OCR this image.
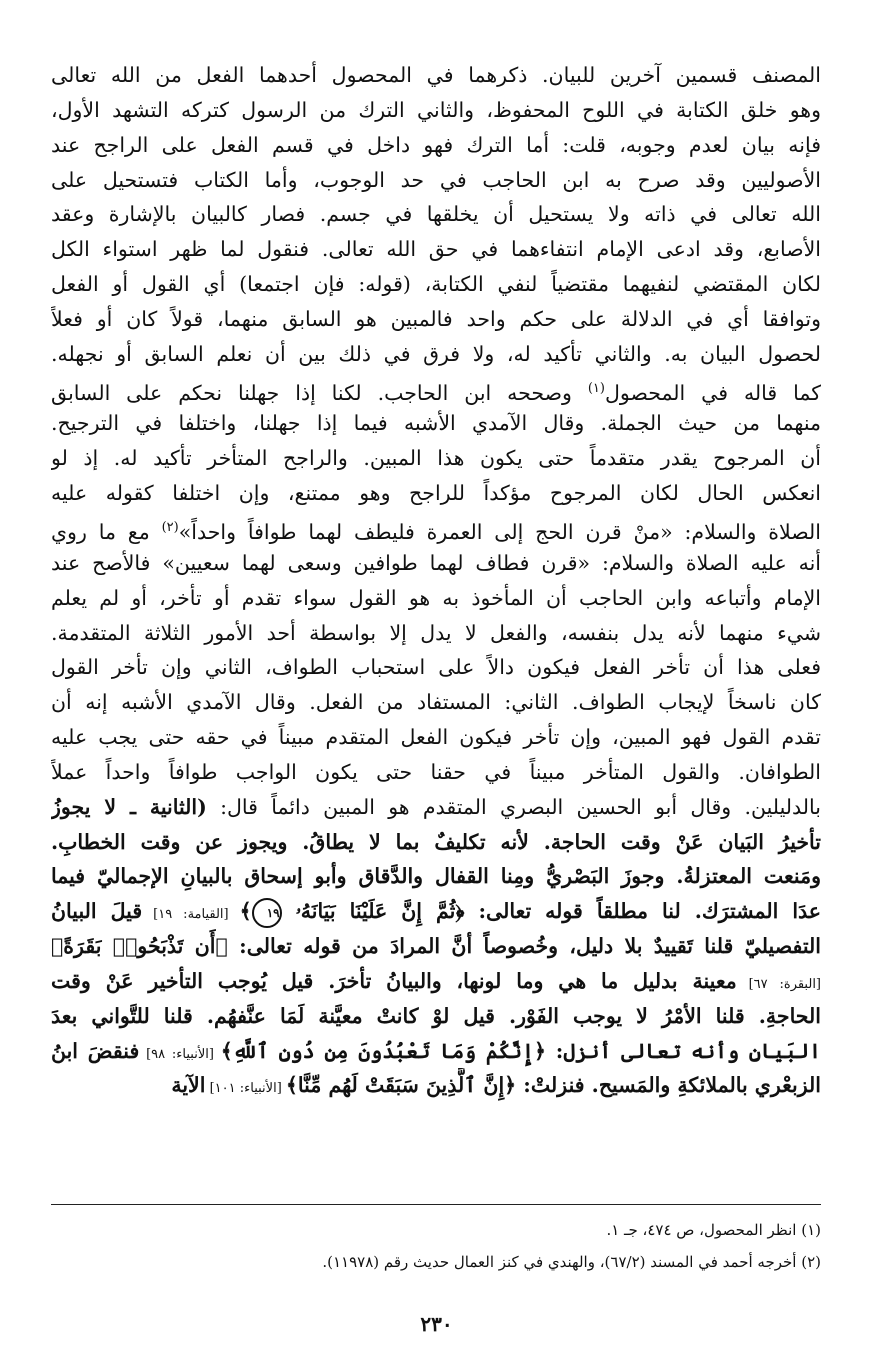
المصنف قسمين آخرين للبيان. ذكرهما في المحصول أحدهما الفعل من الله تعالى
وهو خلق الكتابة في اللوح المحفوظ، والثاني الترك من الرسول كتركه التشهد الأول،
فإنه بيان لعدم وجوبه، قلت: أما الترك فهو داخل في قسم الفعل على الراجح عند
الأصوليين وقد صرح به ابن الحاجب في حد الوجوب، وأما الكتاب فتستحيل على
الله تعالى في ذاته ولا يستحيل أن يخلقها في جسم. فصار كالبيان بالإشارة وعقد
الأصابع، وقد ادعى الإمام انتفاءهما في حق الله تعالى. فنقول لما ظهر استواء الكل
لكان المقتضي لنفيهما مقتضياً لنفي الكتابة، (قوله: فإن اجتمعا) أي القول أو الفعل
وتوافقا أي في الدلالة على حكم واحد فالمبين هو السابق منهما، قولاً كان أو فعلاً
لحصول البيان به. والثاني تأكيد له، ولا فرق في ذلك بين أن نعلم السابق أو نجهله.
كما قاله في المحصول$^{(١)}$ وصححه ابن الحاجب. لكنا إذا جهلنا نحكم على السابق
منهما من حيث الجملة. وقال الآمدي الأشبه فيما إذا جهلنا، واختلفا في الترجيح.
أن المرجوح يقدر متقدماً حتى يكون هذا المبين. والراجح المتأخر تأكيد له. إذ لو
انعكس الحال لكان المرجوح مؤكداً للراجح وهو ممتنع، وإن اختلفا كقوله عليه
الصلاة والسلام: «منْ قرن الحج إلى العمرة فليطف لهما طوافاً واحداً»$^{(٢)}$ مع ما روي
أنه عليه الصلاة والسلام: «قرن فطاف لهما طوافين وسعى لهما سعيين» فالأصح عند
الإمام وأتباعه وابن الحاجب أن المأخوذ به هو القول سواء تقدم أو تأخر، أو لم يعلم
شيء منهما لأنه يدل بنفسه، والفعل لا يدل إلا بواسطة أحد الأمور الثلاثة المتقدمة.
فعلى هذا أن تأخر الفعل فيكون دالاً على استحباب الطواف، الثاني وإن تأخر القول
كان ناسخاً لإيجاب الطواف. الثاني: المستفاد من الفعل. وقال الآمدي الأشبه إنه أن
تقدم القول فهو المبين، وإن تأخر فيكون الفعل المتقدم مبيناً في حقه حتى يجب عليه
الطوافان. والقول المتأخر مبيناً في حقنا حتى يكون الواجب طوافاً واحداً عملاً
بالدليلين. وقال أبو الحسين البصري المتقدم هو المبين دائماً قال: (الثانية ـ لا يجوزُ
تأخيرُ البَيان عَنْ وقت الحاجة. لأنه تكليفٌ بما لا يطاقُ. ويجوز عن وقت الخطابِ.
ومَنعت المعتزلةُ. وجوزَ البَصْريُّ ومِنا القفال والدَّقاق وأبو إسحاق بالبيانِ الإجماليّ فيما
عدَا المشترَك. لنا مطلقاً قوله تعالى: ﴿ثُمَّ إِنَّ عَلَيْنَا بَيَانَهُۥ ١٩﴾ [القيامة: ١٩] قيلَ البيانُ
التفصيليّ قلنا تَقييدٌ بلا دليل، وخُصوصاً أنَّ المرادَ من قوله تعالى: ﴿أَن تَذْبَحُوا۟ بَقَرَةً﴾
[البقرة: ٦٧] معينة بدليل ما هي وما لونها، والبيانُ تأخرَ. قيل يُوجب التأخير عَنْ وقت
الحاجةِ. قلنا الأمْرُ لا يوجب الفَوْر. قيل لوْ كانتْ معيَّنة لَمَا عنَّفهُم. قلنا للتَّواني بعدَ
البَيانِ وأنه تعالى أنزل: ﴿إِنَّكُمْ وَمَا تَعْبُدُونَ مِن دُونِ ٱللَّهِ﴾ [الأنبياء: ٩٨] فنقضَ ابنُ
الزبعْري بالملائكةِ والمَسيح. فنزلتْ: ﴿إِنَّ ٱلَّذِينَ سَبَقَتْ لَهُم مِّنَّا﴾ [الأنبياء: ١٠١] الآية
(١) انظر المحصول، ص ٤٧٤، جـ ١.
(٢) أخرجه أحمد في المسند (٦٧/٢)، والهندي في كنز العمال حديث رقم (١١٩٧٨).
٢٣٠
